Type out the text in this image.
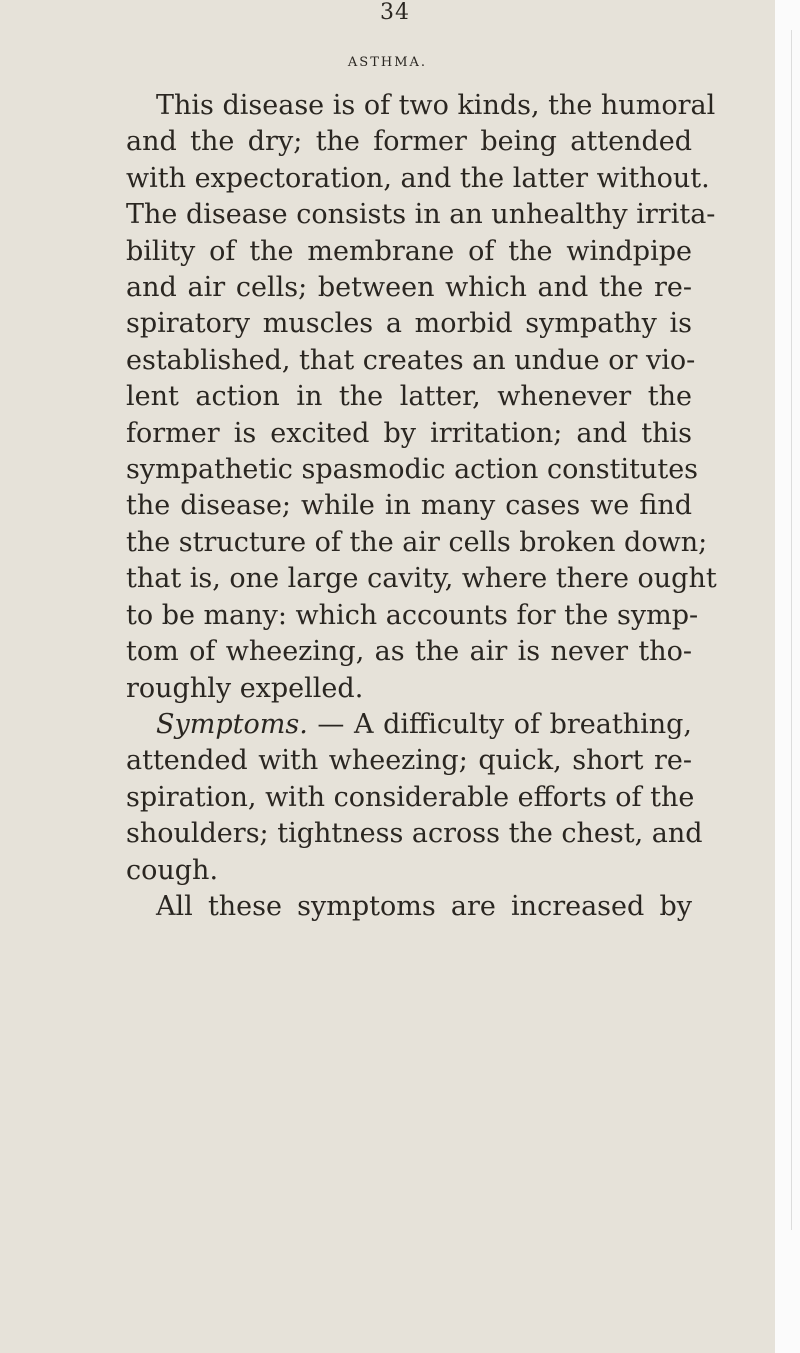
34
ASTHMA.
This disease is of two kinds, the humoral
and the dry; the former being attended
with expectoration, and the latter without.
The disease consists in an unhealthy irrita-
bility of the membrane of the windpipe
and air cells; between which and the re-
spiratory muscles a morbid sympathy is
established, that creates an undue or vio-
lent action in the latter, whenever the
former is excited by irritation; and this
sympathetic spasmodic action constitutes
the disease; while in many cases we find
the structure of the air cells broken down;
that is, one large cavity, where there ought
to be many: which accounts for the symp-
tom of wheezing, as the air is never tho-
roughly expelled.
Symptoms. — A difficulty of breathing,
attended with wheezing; quick, short re-
spiration, with considerable efforts of the
shoulders; tightness across the chest, and
cough.
All these symptoms are increased by
